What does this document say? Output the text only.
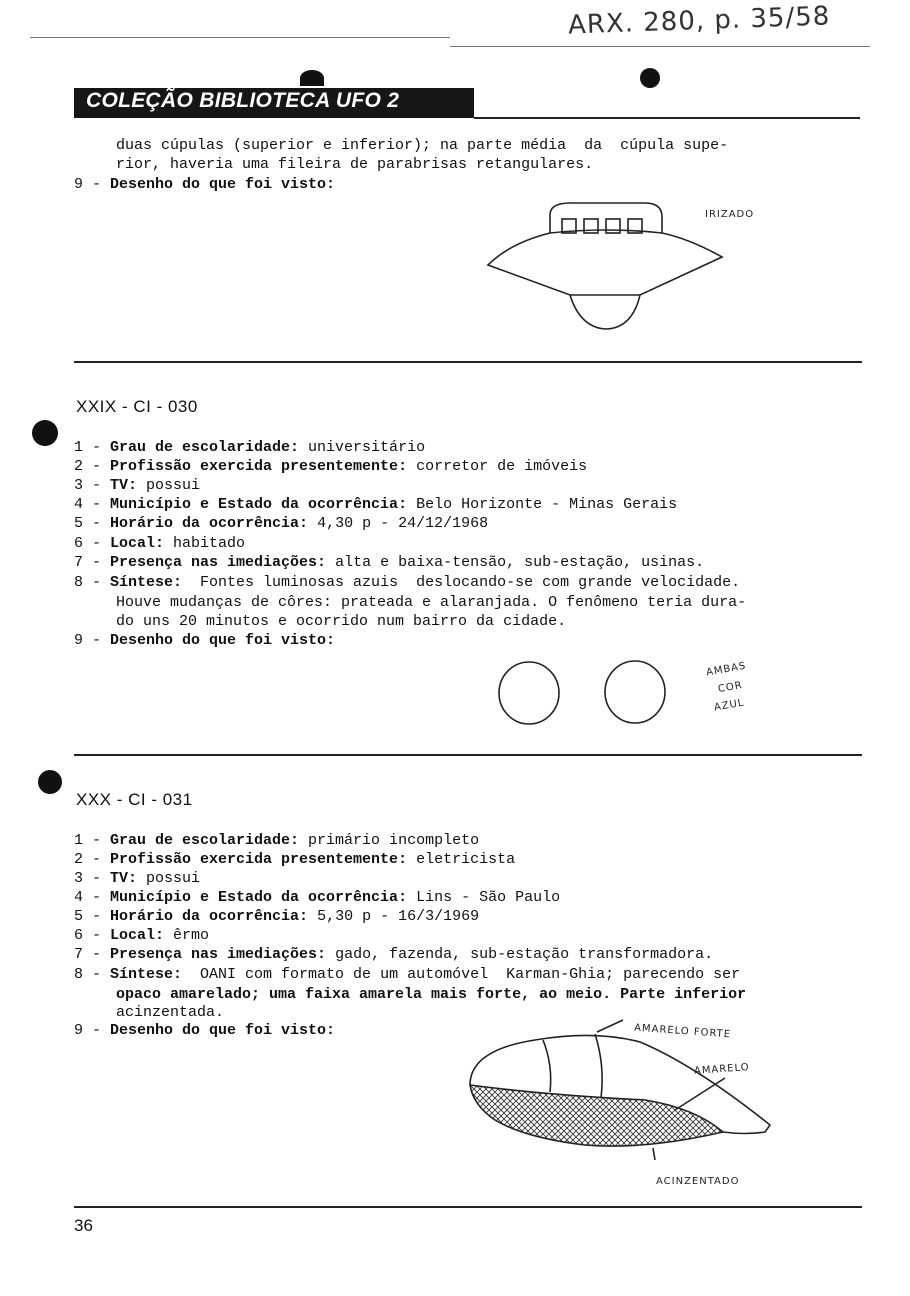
ARX. 280, p. 35/58
COLEÇÃO BIBLIOTECA UFO 2
duas cúpulas (superior e inferior); na parte média  da  cúpula supe-
rior, haveria uma fileira de parabrisas retangulares.
9 - Desenho do que foi visto:
IRIZADO
XXIX - CI - 030
1 - Grau de escolaridade: universitário
2 - Profissão exercida presentemente: corretor de imóveis
3 - TV: possui
4 - Município e Estado da ocorrência: Belo Horizonte - Minas Gerais
5 - Horário da ocorrência: 4,30 p - 24/12/1968
6 - Local: habitado
7 - Presença nas imediações: alta e baixa-tensão, sub-estação, usinas.
8 - Síntese:  Fontes luminosas azuis  deslocando-se com grande velocidade.
Houve mudanças de côres: prateada e alaranjada. O fenômeno teria dura-
do uns 20 minutos e ocorrido num bairro da cidade.
9 - Desenho do que foi visto:
AMBAS
COR
AZUL
XXX - CI - 031
1 - Grau de escolaridade: primário incompleto
2 - Profissão exercida presentemente: eletricista
3 - TV: possui
4 - Município e Estado da ocorrência: Lins - São Paulo
5 - Horário da ocorrência: 5,30 p - 16/3/1969
6 - Local: êrmo
7 - Presença nas imediações: gado, fazenda, sub-estação transformadora.
8 - Síntese:  OANI com formato de um automóvel  Karman-Ghia; parecendo ser
opaco amarelado; uma faixa amarela mais forte, ao meio. Parte inferior
acinzentada.
9 - Desenho do que foi visto:	AMARELO FORTE
AMARELO
ACINZENTADO
36
